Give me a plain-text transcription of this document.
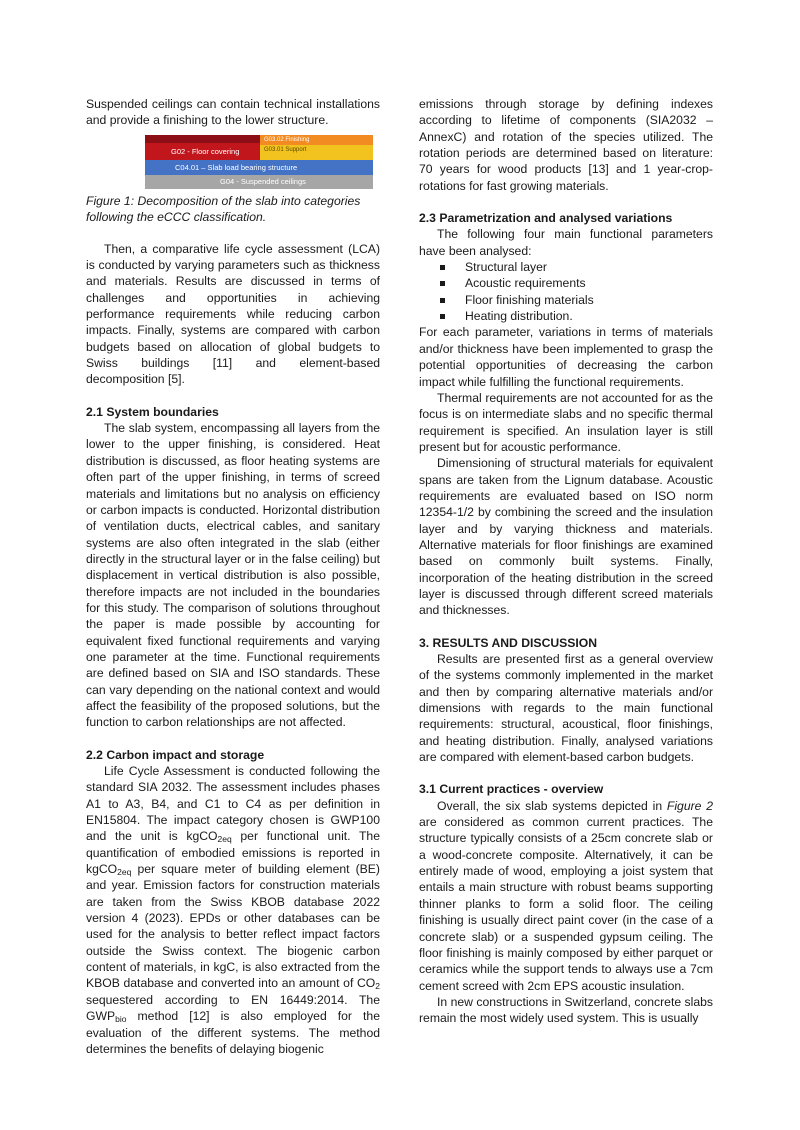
Suspended ceilings can contain technical installations and provide a finishing to the lower structure.

G04 - Suspended ceilings
C04.01 – Slab load bearing structure
G02 - Floor covering
G03.02 Finishing
G03.01 Support

Figure 1: Decomposition of the slab into categories following the eCCC classification.

Then, a comparative life cycle assessment (LCA) is conducted by varying parameters such as thickness and materials. Results are discussed in terms of challenges and opportunities in achieving performance requirements while reducing carbon impacts. Finally, systems are compared with carbon budgets based on allocation of global budgets to Swiss buildings [11] and element-based decomposition [5].

2.1 System boundaries

The slab system, encompassing all layers from the lower to the upper finishing, is considered. Heat distribution is discussed, as floor heating systems are often part of the upper finishing, in terms of screed materials and limitations but no analysis on efficiency or carbon impacts is conducted. Horizontal distribution of ventilation ducts, electrical cables, and sanitary systems are also often integrated in the slab (either directly in the structural layer or in the false ceiling) but displacement in vertical distribution is also possible, therefore impacts are not included in the boundaries for this study. The comparison of solutions throughout the paper is made possible by accounting for equivalent fixed functional requirements and varying one parameter at the time. Functional requirements are defined based on SIA and ISO standards. These can vary depending on the national context and would affect the feasibility of the proposed solutions, but the function to carbon relationships are not affected.

2.2 Carbon impact and storage

Life Cycle Assessment is conducted following the standard SIA 2032. The assessment includes phases A1 to A3, B4, and C1 to C4 as per definition in EN15804. The impact category chosen is GWP100 and the unit is kgCO$_{2eq}$ per functional unit. The quantification of embodied emissions is reported in kgCO$_{2eq}$ per square meter of building element (BE) and year. Emission factors for construction materials are taken from the Swiss KBOB database 2022 version 4 (2023). EPDs or other databases can be used for the analysis to better reflect impact factors outside the Swiss context. The biogenic carbon content of materials, in kgC, is also extracted from the KBOB database and converted into an amount of $CO_2$ sequestered according to EN 16449:2014. The $GWP_{bio}$ method [12] is also employed for the evaluation of the different systems. The method determines the benefits of delaying biogenic

emissions through storage by defining indexes according to lifetime of components (SIA2032 – AnnexC) and rotation of the species utilized. The rotation periods are determined based on literature: 70 years for wood products [13] and 1 year-crop-rotations for fast growing materials.

2.3 Parametrization and analysed variations

The following four main functional parameters have been analysed:

Structural layer
Acoustic requirements
Floor finishing materials
Heating distribution.

For each parameter, variations in terms of materials and/or thickness have been implemented to grasp the potential opportunities of decreasing the carbon impact while fulfilling the functional requirements.

Thermal requirements are not accounted for as the focus is on intermediate slabs and no specific thermal requirement is specified. An insulation layer is still present but for acoustic performance.

Dimensioning of structural materials for equivalent spans are taken from the Lignum database. Acoustic requirements are evaluated based on ISO norm 12354-1/2 by combining the screed and the insulation layer and by varying thickness and materials. Alternative materials for floor finishings are examined based on commonly built systems. Finally, incorporation of the heating distribution in the screed layer is discussed through different screed materials and thicknesses.

3. RESULTS AND DISCUSSION

Results are presented first as a general overview of the systems commonly implemented in the market and then by comparing alternative materials and/or dimensions with regards to the main functional requirements: structural, acoustical, floor finishings, and heating distribution. Finally, analysed variations are compared with element-based carbon budgets.

3.1 Current practices - overview

Overall, the six slab systems depicted in Figure 2 are considered as common current practices. The structure typically consists of a 25cm concrete slab or a wood-concrete composite. Alternatively, it can be entirely made of wood, employing a joist system that entails a main structure with robust beams supporting thinner planks to form a solid floor. The ceiling finishing is usually direct paint cover (in the case of a concrete slab) or a suspended gypsum ceiling. The floor finishing is mainly composed by either parquet or ceramics while the support tends to always use a 7cm cement screed with 2cm EPS acoustic insulation.

In new constructions in Switzerland, concrete slabs remain the most widely used system. This is usually
